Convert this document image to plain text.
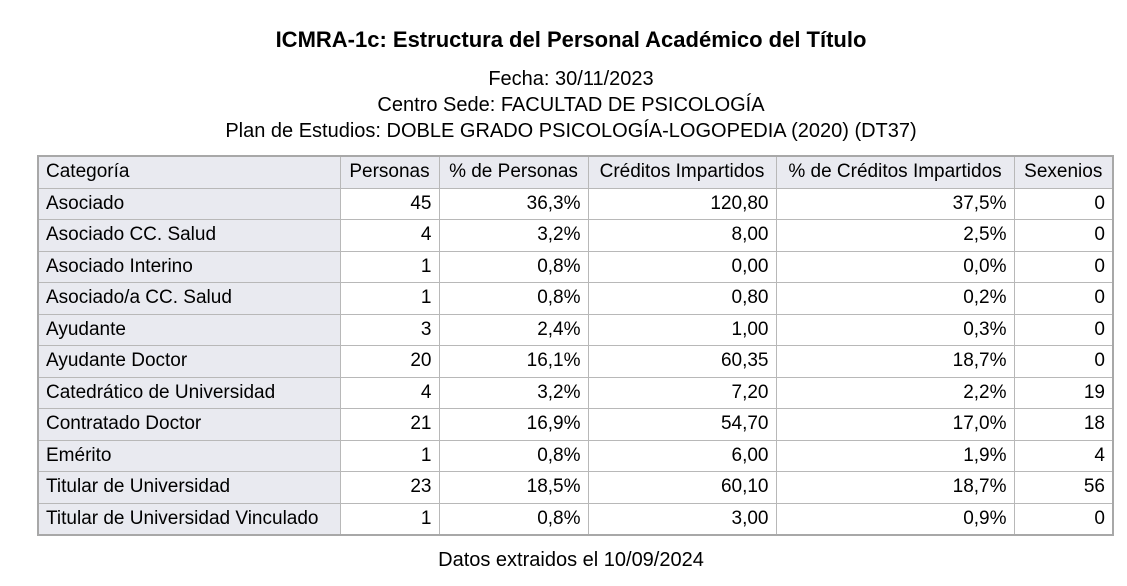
ICMRA-1c: Estructura del Personal Académico del Título
Fecha: 30/11/2023
Centro Sede: FACULTAD DE PSICOLOGÍA
Plan de Estudios: DOBLE GRADO PSICOLOGÍA-LOGOPEDIA (2020) (DT37)
Categoría	Personas	% de Personas	Créditos Impartidos	% de Créditos Impartidos	Sexenios
Asociado	45	36,3%	120,80	37,5%	0
Asociado CC. Salud	4	3,2%	8,00	2,5%	0
Asociado Interino	1	0,8%	0,00	0,0%	0
Asociado/a CC. Salud	1	0,8%	0,80	0,2%	0
Ayudante	3	2,4%	1,00	0,3%	0
Ayudante Doctor	20	16,1%	60,35	18,7%	0
Catedrático de Universidad	4	3,2%	7,20	2,2%	19
Contratado Doctor	21	16,9%	54,70	17,0%	18
Emérito	1	0,8%	6,00	1,9%	4
Titular de Universidad	23	18,5%	60,10	18,7%	56
Titular de Universidad Vinculado	1	0,8%	3,00	0,9%	0
Datos extraidos el 10/09/2024
